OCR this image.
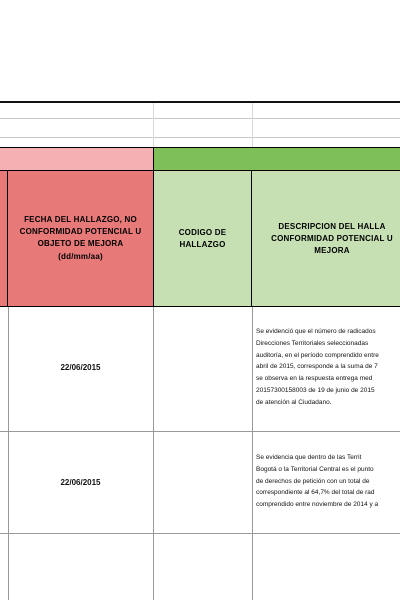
FECHA DEL HALLAZGO, NO CONFORMIDAD POTENCIAL U OBJETO DE MEJORA
(dd/mm/aa)
CODIGO DE HALLAZGO
DESCRIPCION DEL HALLA CONFORMIDAD POTENCIAL U MEJORA
22/06/2015
Se evidenció que el número de radicados
Direcciones Territoriales seleccionadas
auditoría, en el período comprendido entre
abril de 2015, corresponde a la suma de 7
se observa en la respuesta entrega med
20157300158003 de 19 de junio de 2015
de atención al Ciudadano.
22/06/2015
Se evidencia que dentro de las Territ
Bogotá o la Territorial Central es el punto
de derechos de petición con un total de
correspondiente al 64,7% del total de rad
comprendido entre noviembre de 2014 y a
